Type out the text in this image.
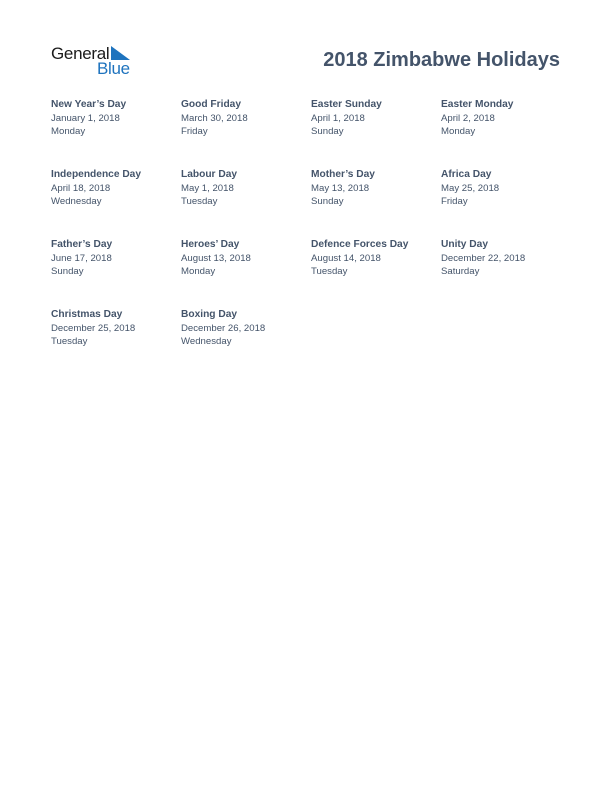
General
Blue	2018 Zimbabwe Holidays
New Year’s Day
January 1, 2018
Monday
Good Friday
March 30, 2018
Friday
Easter Sunday
April 1, 2018
Sunday
Easter Monday
April 2, 2018
Monday
Independence Day
April 18, 2018
Wednesday
Labour Day
May 1, 2018
Tuesday
Mother’s Day
May 13, 2018
Sunday
Africa Day
May 25, 2018
Friday
Father’s Day
June 17, 2018
Sunday
Heroes’ Day
August 13, 2018
Monday
Defence Forces Day
August 14, 2018
Tuesday
Unity Day
December 22, 2018
Saturday
Christmas Day
December 25, 2018
Tuesday
Boxing Day
December 26, 2018
Wednesday
